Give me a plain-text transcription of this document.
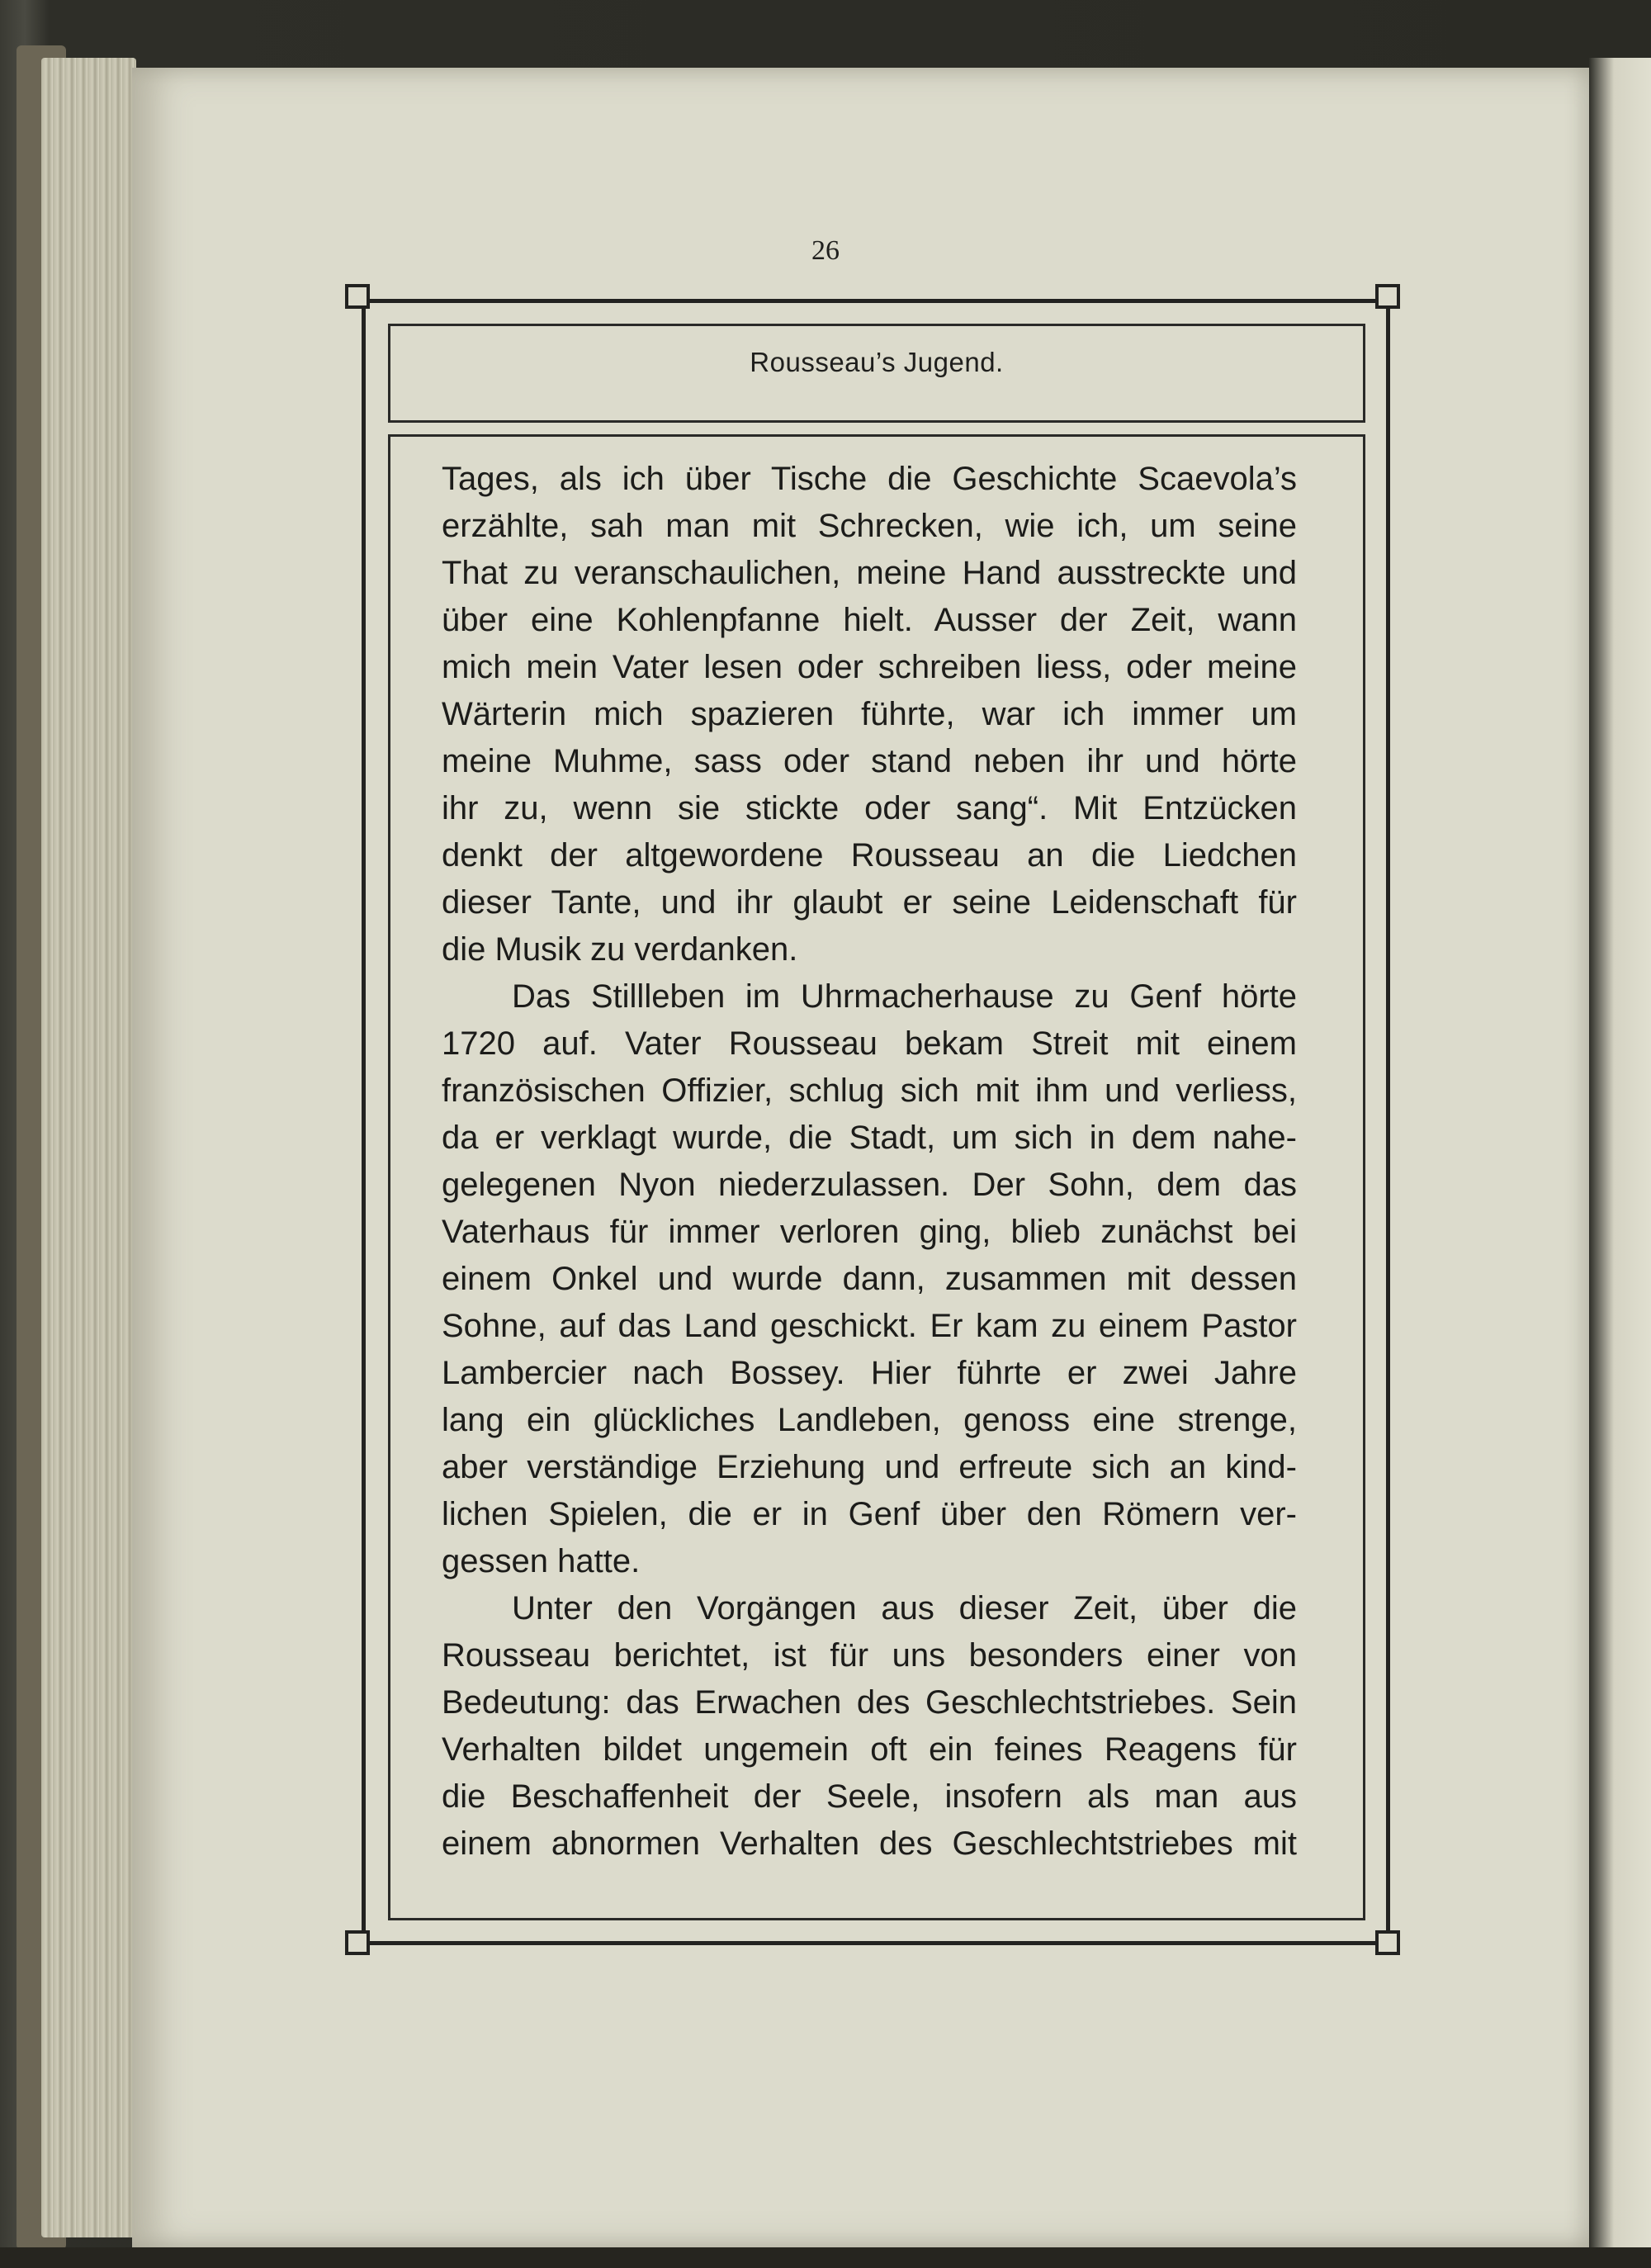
26
Rousseau’s Jugend.

Tages, als ich über Tische die Geschichte Scaevola’s
erzählte, sah man mit Schrecken, wie ich, um seine
That zu veranschaulichen, meine Hand ausstreckte und
über eine Kohlenpfanne hielt. Ausser der Zeit, wann
mich mein Vater lesen oder schreiben liess, oder meine
Wärterin mich spazieren führte, war ich immer um
meine Muhme, sass oder stand neben ihr und hörte
ihr zu, wenn sie stickte oder sang“. Mit Entzücken
denkt der altgewordene Rousseau an die Liedchen
dieser Tante, und ihr glaubt er seine Leidenschaft für
die Musik zu verdanken.

Das Stillleben im Uhrmacherhause zu Genf hörte
1720 auf. Vater Rousseau bekam Streit mit einem
französischen Offizier, schlug sich mit ihm und verliess,
da er verklagt wurde, die Stadt, um sich in dem nahe-
gelegenen Nyon niederzulassen. Der Sohn, dem das
Vaterhaus für immer verloren ging, blieb zunächst bei
einem Onkel und wurde dann, zusammen mit dessen
Sohne, auf das Land geschickt. Er kam zu einem Pastor
Lambercier nach Bossey. Hier führte er zwei Jahre
lang ein glückliches Landleben, genoss eine strenge,
aber verständige Erziehung und erfreute sich an kind-
lichen Spielen, die er in Genf über den Römern ver-
gessen hatte.

Unter den Vorgängen aus dieser Zeit, über die
Rousseau berichtet, ist für uns besonders einer von
Bedeutung: das Erwachen des Geschlechtstriebes. Sein
Verhalten bildet ungemein oft ein feines Reagens für
die Beschaffenheit der Seele, insofern als man aus
einem abnormen Verhalten des Geschlechtstriebes mit
